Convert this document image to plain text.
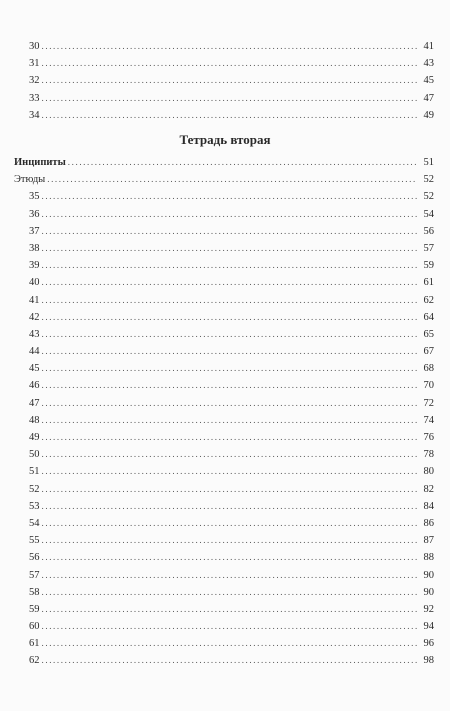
30 .....	41
31 .....	43
32 .....	45
33 .....	47
34 .....	49
Тетрадь вторая
Инципиты .....	51
Этюды .....	52
35 .....	52
36 .....	54
37 .....	56
38 .....	57
39 .....	59
40 .....	61
41 .....	62
42 .....	64
43 .....	65
44 .....	67
45 .....	68
46 .....	70
47 .....	72
48 .....	74
49 .....	76
50 .....	78
51 .....	80
52 .....	82
53 .....	84
54 .....	86
55 .....	87
56 .....	88
57 .....	90
58 .....	90
59 .....	92
60 .....	94
61 .....	96
62 .....	98
